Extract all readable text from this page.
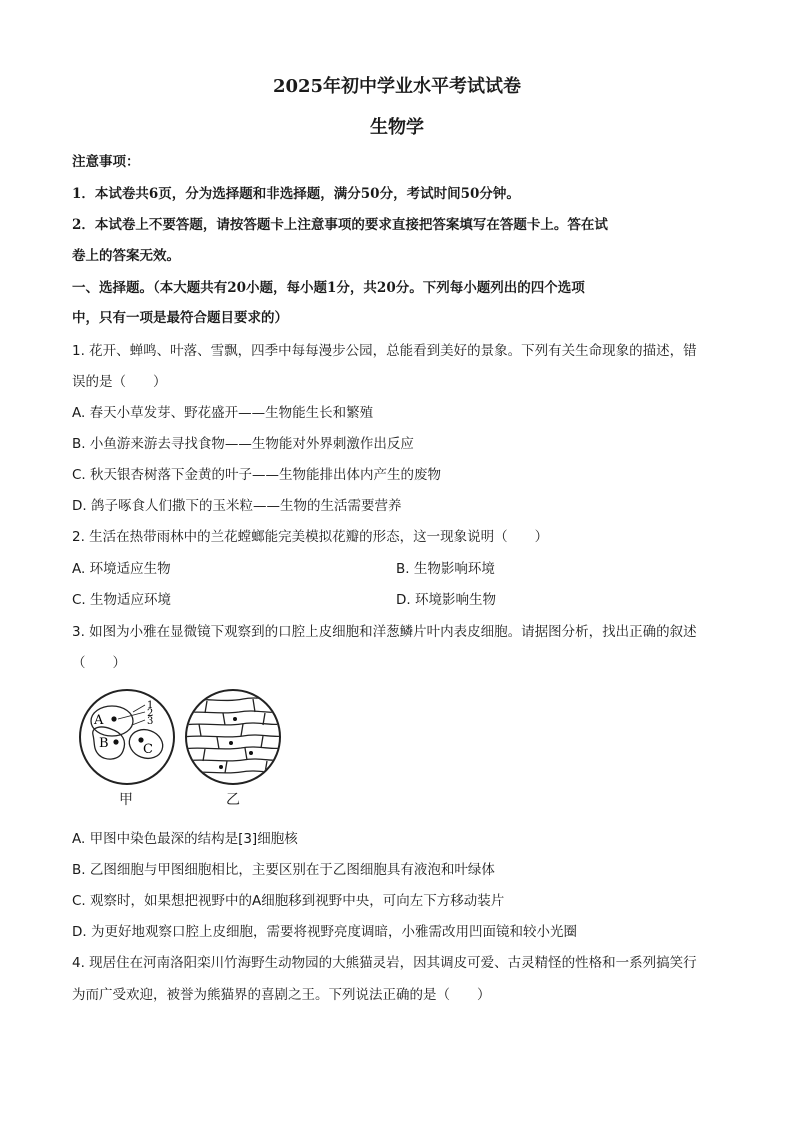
2025年初中学业水平考试试卷
生物学
注意事项：
1．本试卷共6页，分为选择题和非选择题，满分50分，考试时间50分钟。
2．本试卷上不要答题，请按答题卡上注意事项的要求直接把答案填写在答题卡上。答在试
卷上的答案无效。
一、选择题。（本大题共有20小题，每小题1分，共20分。下列每小题列出的四个选项
中，只有一项是最符合题目要求的）
1. 花开、蝉鸣、叶落、雪飘，四季中每每漫步公园，总能看到美好的景象。下列有关生命现象的描述，错
误的是（　　）
A. 春天小草发芽、野花盛开——生物能生长和繁殖
B. 小鱼游来游去寻找食物——生物能对外界刺激作出反应
C. 秋天银杏树落下金黄的叶子——生物能排出体内产生的废物
D. 鸽子啄食人们撒下的玉米粒——生物的生活需要营养
2. 生活在热带雨林中的兰花螳螂能完美模拟花瓣的形态，这一现象说明（　　）
A. 环境适应生物	B. 生物影响环境
C. 生物适应环境	D. 环境影响生物
3. 如图为小雅在显微镜下观察到的口腔上皮细胞和洋葱鳞片叶内表皮细胞。请据图分析，找出正确的叙述
（　　）
1
2
3
A
B	C
甲	乙
A. 甲图中染色最深的结构是[3]细胞核
B. 乙图细胞与甲图细胞相比，主要区别在于乙图细胞具有液泡和叶绿体
C. 观察时，如果想把视野中的A细胞移到视野中央，可向左下方移动装片
D. 为更好地观察口腔上皮细胞，需要将视野亮度调暗，小雅需改用凹面镜和较小光圈
4. 现居住在河南洛阳栾川竹海野生动物园的大熊猫灵岩，因其调皮可爱、古灵精怪的性格和一系列搞笑行
为而广受欢迎，被誉为熊猫界的喜剧之王。下列说法正确的是（　　）
